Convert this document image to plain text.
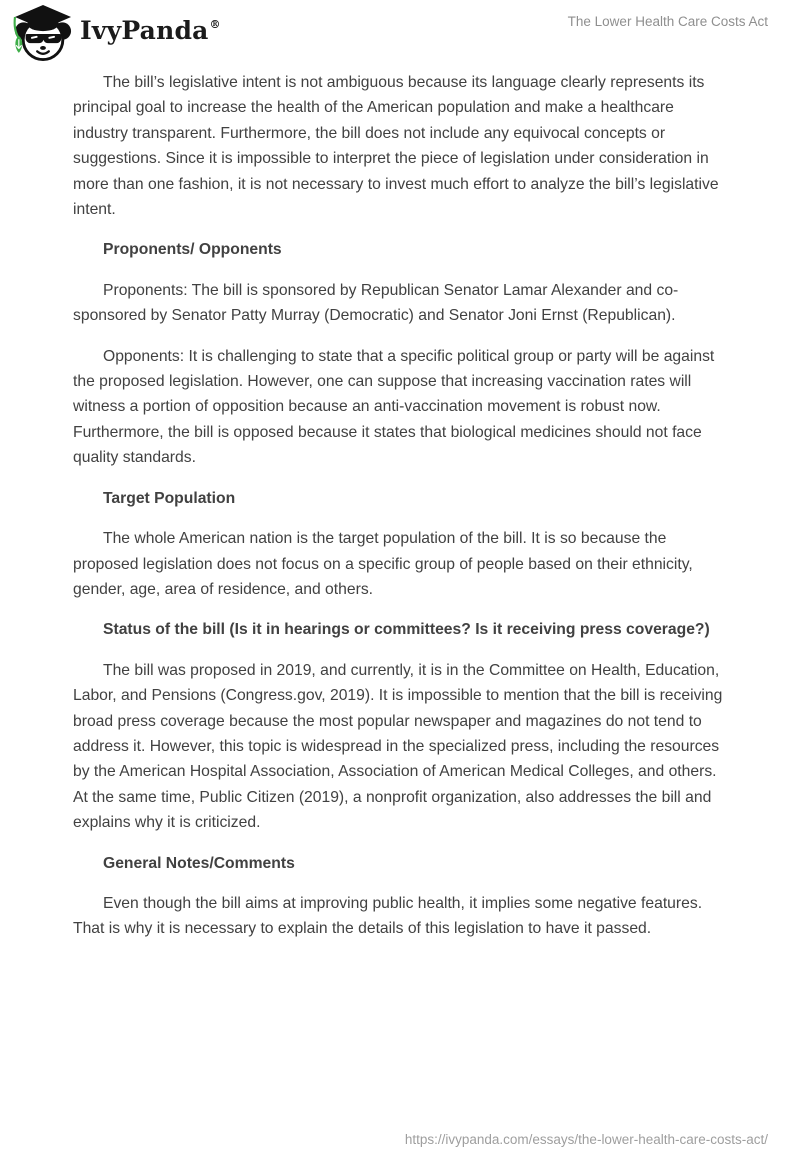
IvyPanda®	The Lower Health Care Costs Act

The bill’s legislative intent is not ambiguous because its language clearly represents its principal goal to increase the health of the American population and make a healthcare industry transparent. Furthermore, the bill does not include any equivocal concepts or suggestions. Since it is impossible to interpret the piece of legislation under consideration in more than one fashion, it is not necessary to invest much effort to analyze the bill’s legislative intent.

Proponents/ Opponents

Proponents: The bill is sponsored by Republican Senator Lamar Alexander and co-sponsored by Senator Patty Murray (Democratic) and Senator Joni Ernst (Republican).

Opponents: It is challenging to state that a specific political group or party will be against the proposed legislation. However, one can suppose that increasing vaccination rates will witness a portion of opposition because an anti-vaccination movement is robust now. Furthermore, the bill is opposed because it states that biological medicines should not face quality standards.

Target Population

The whole American nation is the target population of the bill. It is so because the proposed legislation does not focus on a specific group of people based on their ethnicity, gender, age, area of residence, and others.

Status of the bill (Is it in hearings or committees? Is it receiving press coverage?)

The bill was proposed in 2019, and currently, it is in the Committee on Health, Education, Labor, and Pensions (Congress.gov, 2019). It is impossible to mention that the bill is receiving broad press coverage because the most popular newspaper and magazines do not tend to address it. However, this topic is widespread in the specialized press, including the resources by the American Hospital Association, Association of American Medical Colleges, and others. At the same time, Public Citizen (2019), a nonprofit organization, also addresses the bill and explains why it is criticized.

General Notes/Comments

Even though the bill aims at improving public health, it implies some negative features. That is why it is necessary to explain the details of this legislation to have it passed.

https://ivypanda.com/essays/the-lower-health-care-costs-act/
